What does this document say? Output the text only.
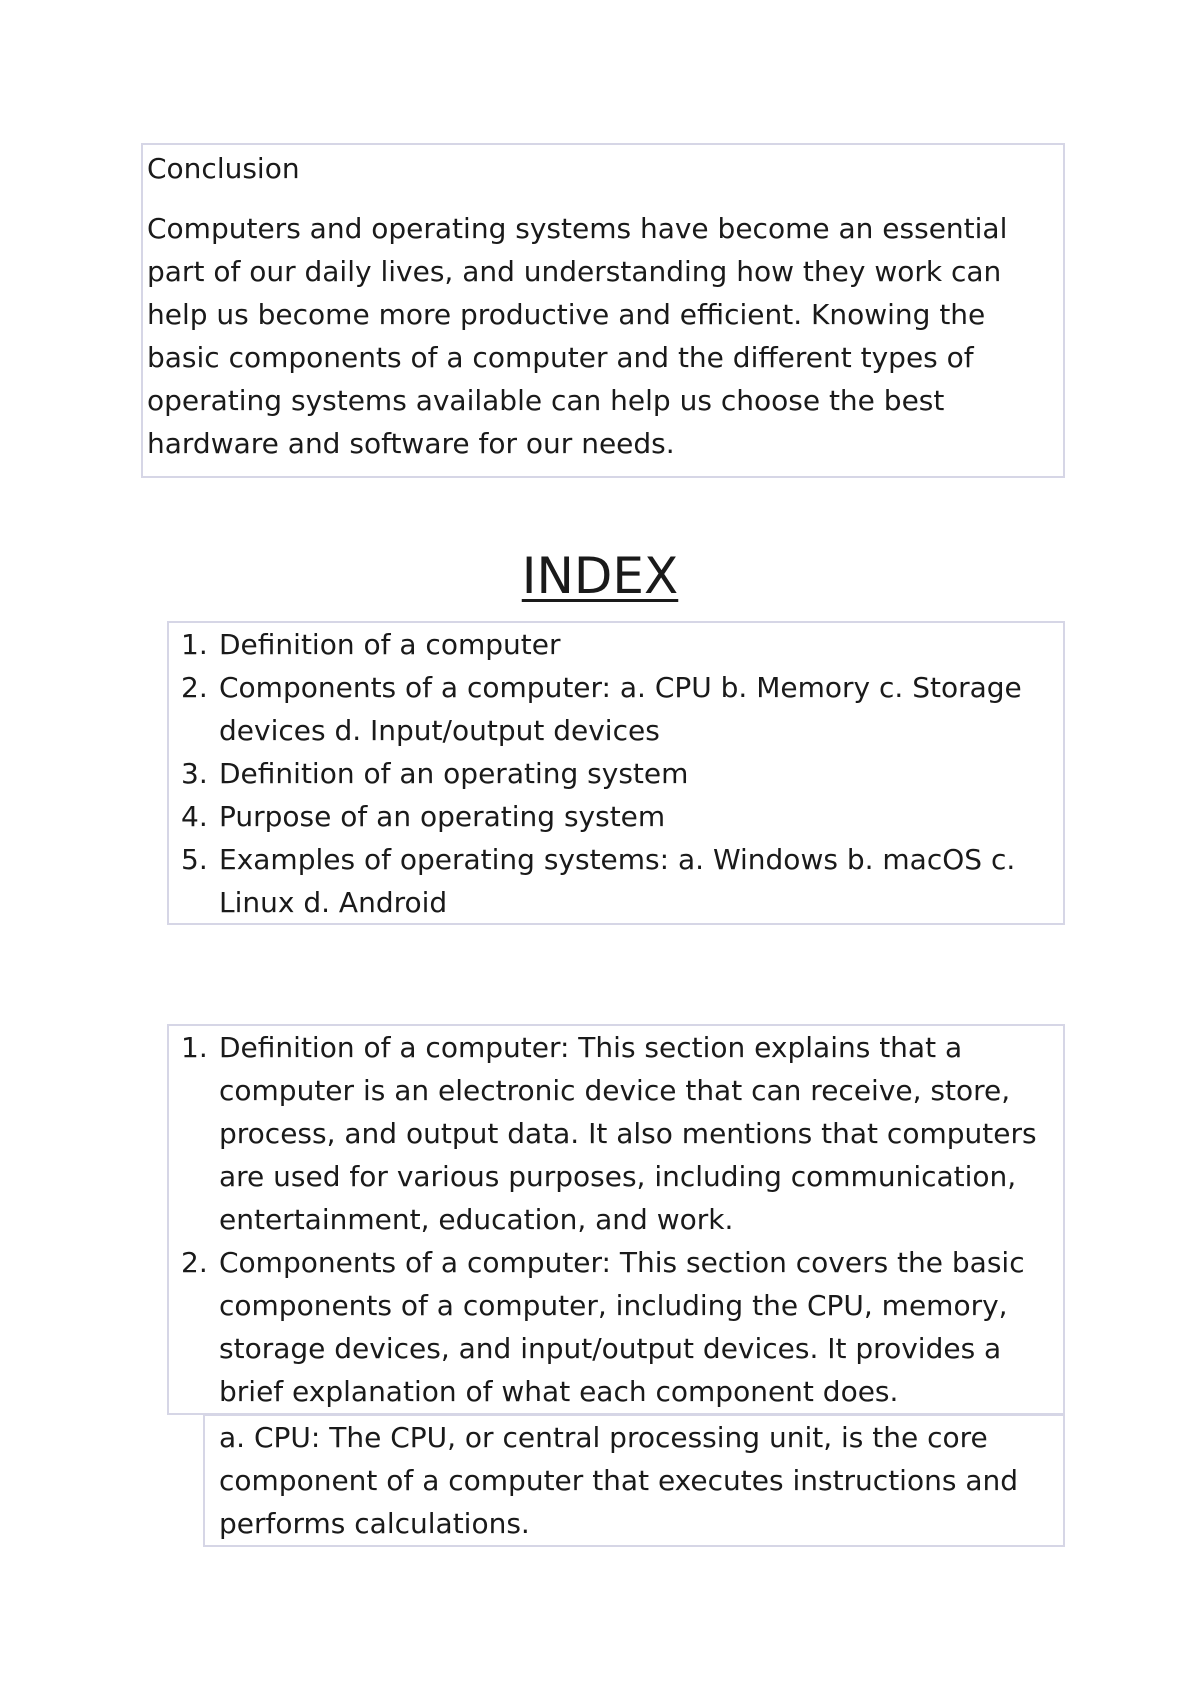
Conclusion

Computers and operating systems have become an essential part of our daily lives, and understanding how they work can help us become more productive and efficient. Knowing the basic components of a computer and the different types of operating systems available can help us choose the best hardware and software for our needs.

INDEX
1. Definition of a computer
2. Components of a computer: a. CPU b. Memory c. Storage devices d. Input/output devices
3. Definition of an operating system
4. Purpose of an operating system
5. Examples of operating systems: a. Windows b. macOS c. Linux d. Android
1. Definition of a computer: This section explains that a computer is an electronic device that can receive, store, process, and output data. It also mentions that computers are used for various purposes, including communication, entertainment, education, and work.
2. Components of a computer: This section covers the basic components of a computer, including the CPU, memory, storage devices, and input/output devices. It provides a brief explanation of what each component does.

a. CPU: The CPU, or central processing unit, is the core component of a computer that executes instructions and performs calculations.
